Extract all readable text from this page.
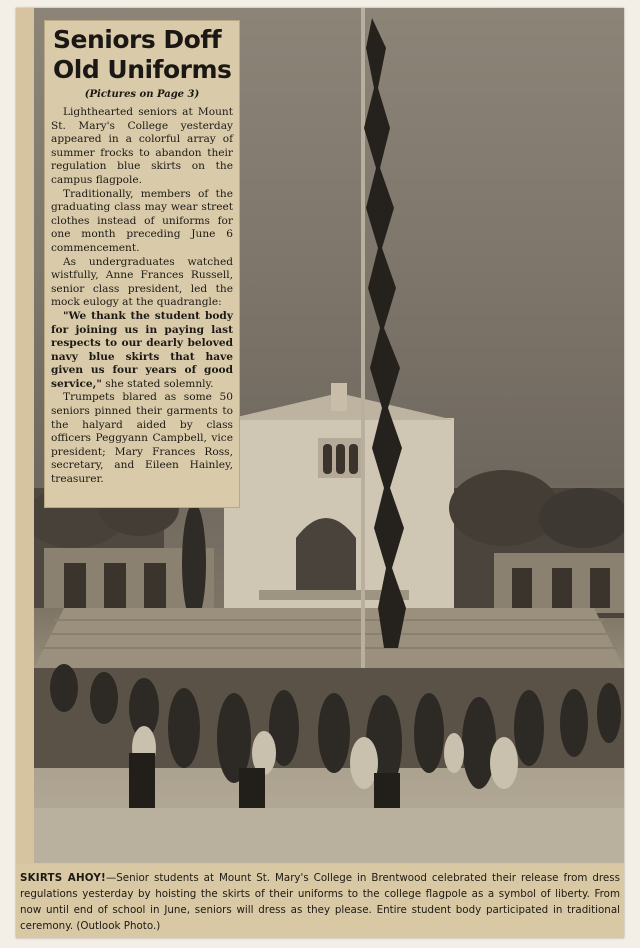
Seniors Doff
Old Uniforms
(Pictures on Page 3)

Lighthearted seniors at Mount St. Mary's College yesterday appeared in a colorful array of summer frocks to abandon their regulation blue skirts on the campus flagpole.

Traditionally, members of the graduating class may wear street clothes instead of uniforms for one month preceding June 6 commencement.

As undergraduates watched wistfully, Anne Frances Russell, senior class president, led the mock eulogy at the quadrangle:

"We thank the student body for joining us in paying last respects to our dearly beloved navy blue skirts that have given us four years of good service," she stated solemnly.

Trumpets blared as some 50 seniors pinned their garments to the halyard aided by class officers Peggyann Campbell, vice president; Mary Frances Ross, secretary, and Eileen Hainley, treasurer.

SKIRTS AHOY!—Senior students at Mount St. Mary's College in Brentwood celebrated their release from dress regulations yesterday by hoisting the skirts of their uniforms to the college flagpole as a symbol of liberty. From now until end of school in June, seniors will dress as they please. Entire student body participated in traditional ceremony. (Outlook Photo.)
